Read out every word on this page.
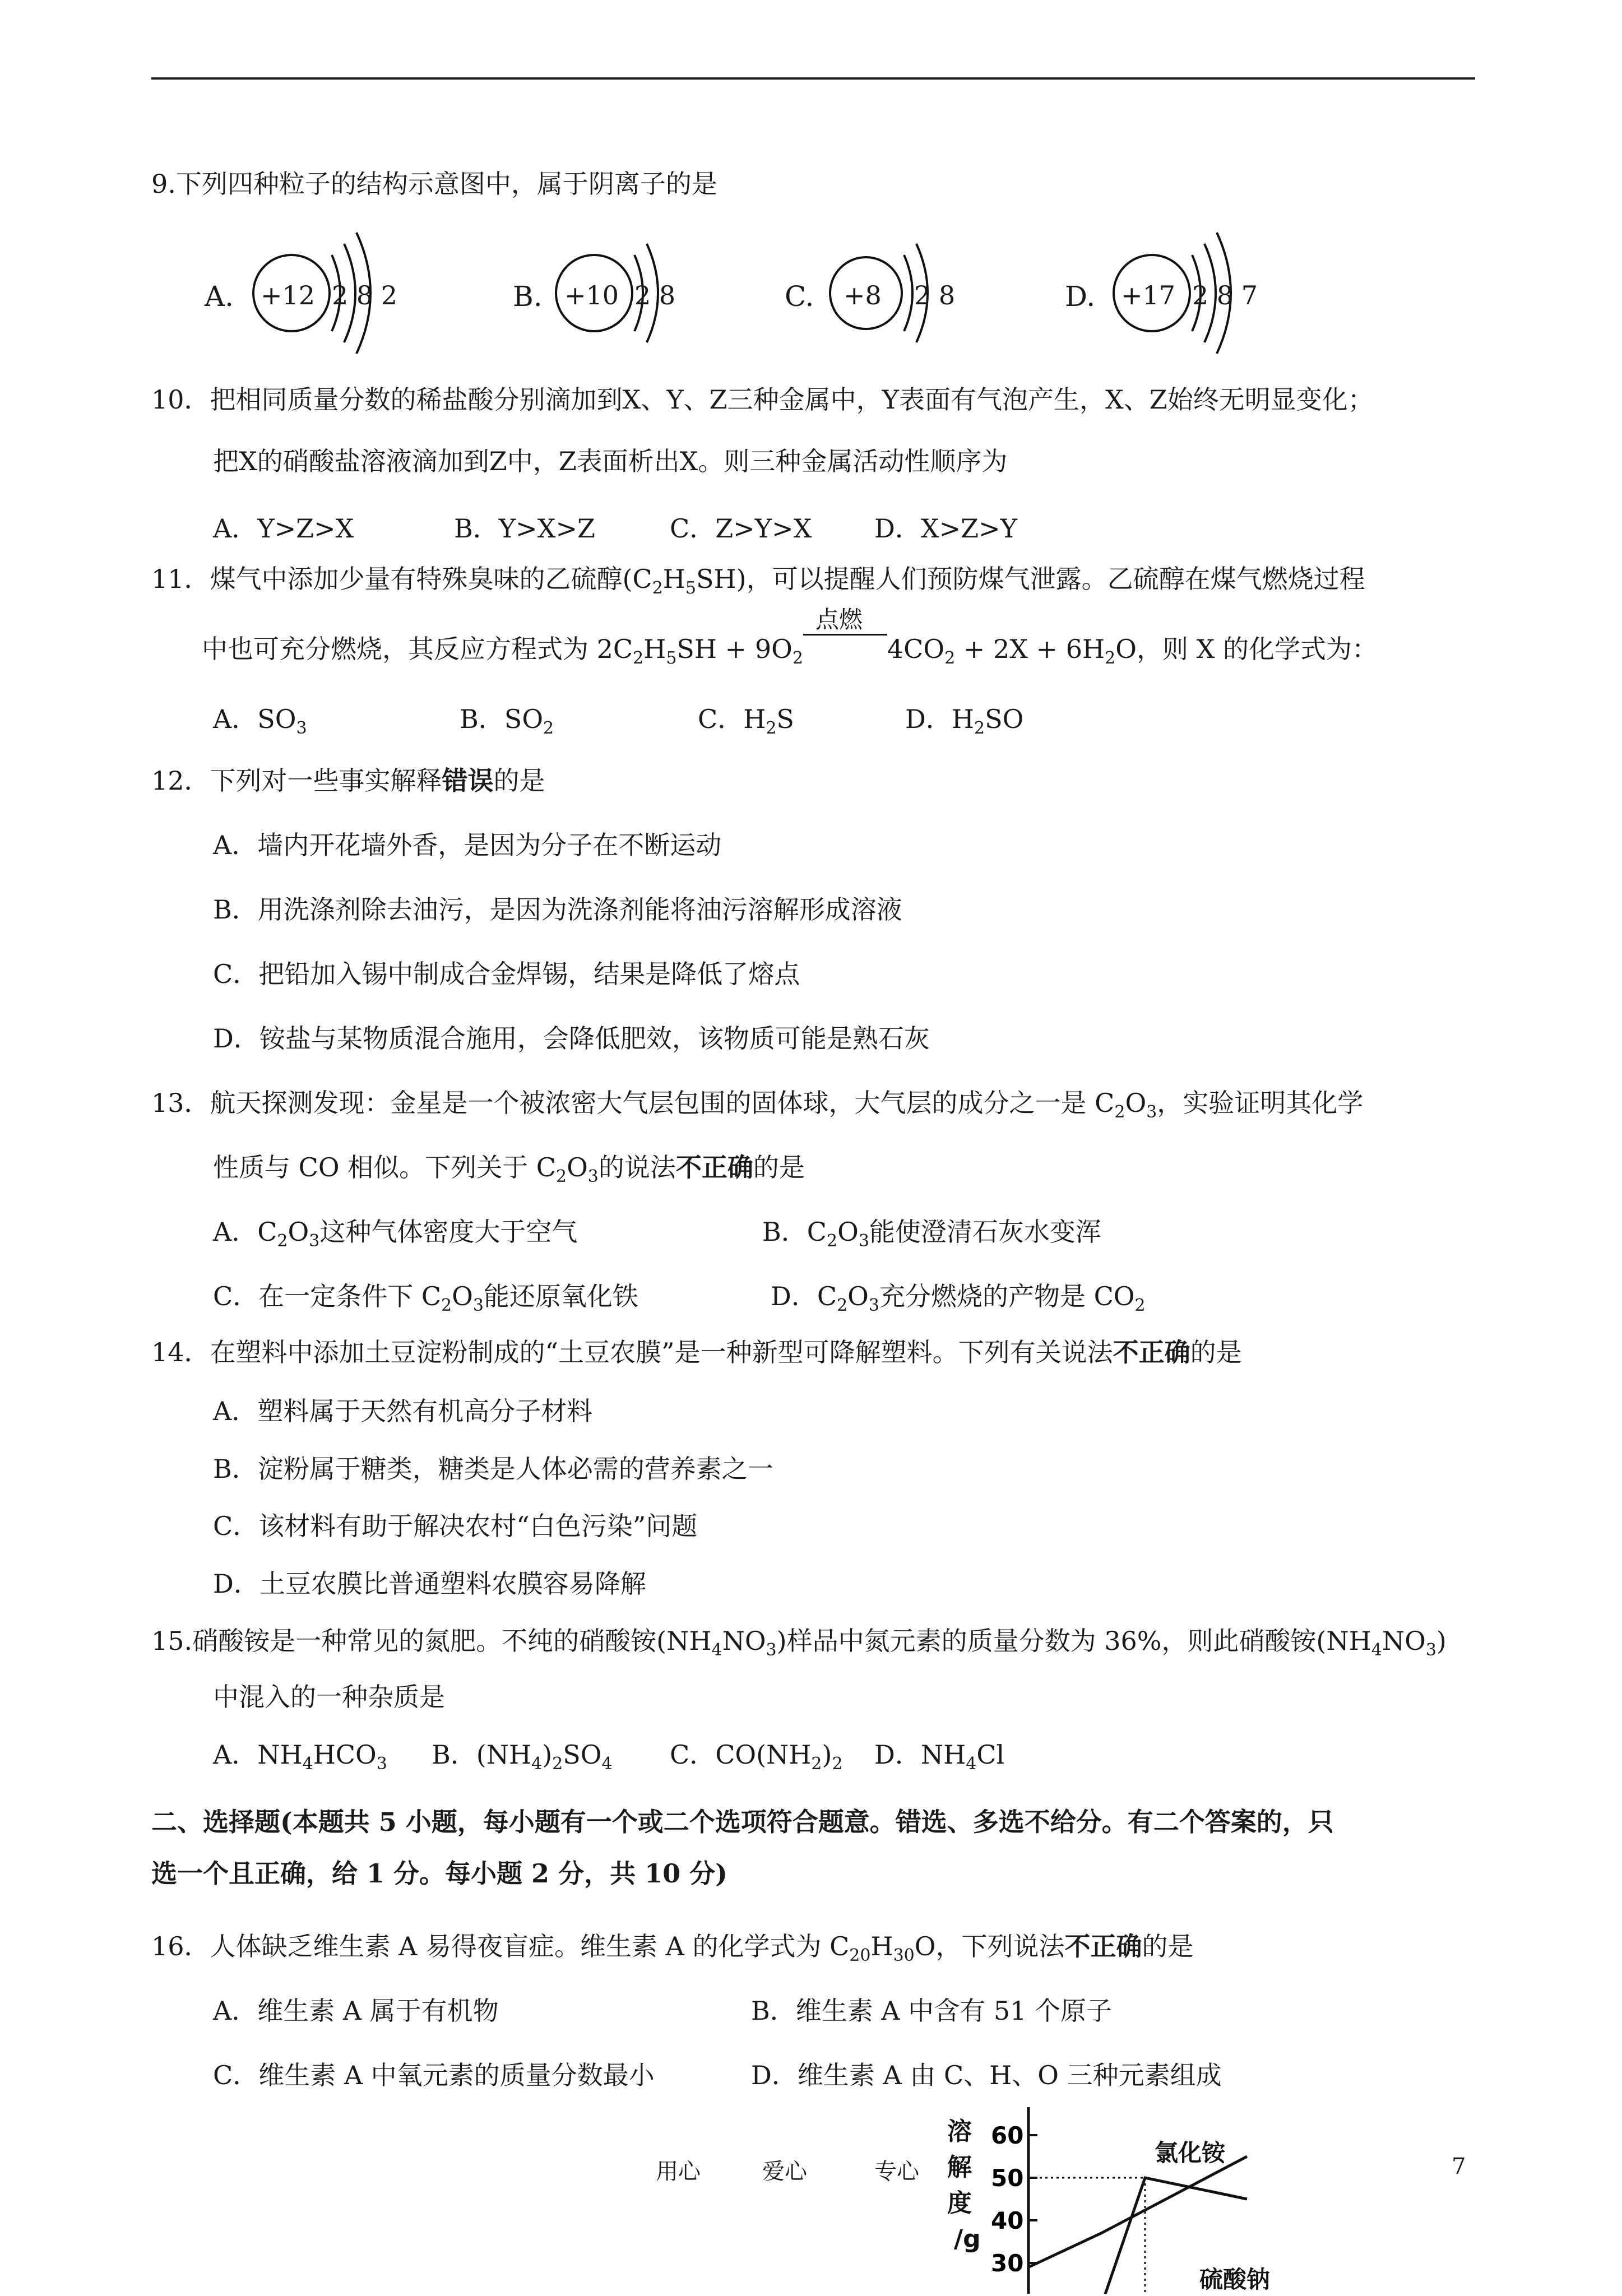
9.下列四种粒子的结构示意图中，属于阴离子的是
A. +12 2 8 2	B. +10 2 8	C. +8 2 8	D. +17 2 8 7
10．把相同质量分数的稀盐酸分别滴加到X、Y、Z三种金属中，Y表面有气泡产生，X、Z始终无明显变化；
把X的硝酸盐溶液滴加到Z中，Z表面析出X。则三种金属活动性顺序为
A．Y>Z>X	B．Y>X>Z	C．Z>Y>X D．X>Z>Y
11．煤气中添加少量有特殊臭味的乙硫醇$(C_2H_5SH)$，可以提醒人们预防煤气泄露。乙硫醇在煤气燃烧过程
中也可充分燃烧，其反应方程式为 $2C_2H_5SH + 9O_2$
点燃
$4CO_2 + 2X + 6H_2O$，则 X 的化学式为：
A．$SO_3$	B．$SO_2$	C．$H_2S$	D．$H_2SO$
12．下列对一些事实解释错误的是
A．墙内开花墙外香，是因为分子在不断运动
B．用洗涤剂除去油污，是因为洗涤剂能将油污溶解形成溶液
C．把铅加入锡中制成合金焊锡，结果是降低了熔点
D．铵盐与某物质混合施用，会降低肥效，该物质可能是熟石灰
13．航天探测发现：金星是一个被浓密大气层包围的固体球，大气层的成分之一是 $C_2O_3$，实验证明其化学
性质与 CO 相似。下列关于 $C_2O_3$的说法不正确的是
A．$C_2O_3$这种气体密度大于空气	B．$C_2O_3$能使澄清石灰水变浑
C．在一定条件下 $C_2O_3$能还原氧化铁	D．$C_2O_3$充分燃烧的产物是 $CO_2$
14．在塑料中添加土豆淀粉制成的“土豆农膜”是一种新型可降解塑料。下列有关说法不正确的是
A．塑料属于天然有机高分子材料
B．淀粉属于糖类，糖类是人体必需的营养素之一
C．该材料有助于解决农村“白色污染”问题
D．土豆农膜比普通塑料农膜容易降解
15.硝酸铵是一种常见的氮肥。不纯的硝酸铵$(NH_4NO_3)$样品中氮元素的质量分数为 36%，则此硝酸铵$(NH_4NO_3)$
中混入的一种杂质是
A．$NH_4HCO_3$ B．$(NH_4)_2SO_4$ C．$CO(NH_2)_2$ D．$NH_4Cl$
二、选择题(本题共 5 小题，每小题有一个或二个选项符合题意。错选、多选不给分。有二个答案的，只
选一个且正确，给 1 分。每小题 2 分，共 10 分)
16．人体缺乏维生素 A 易得夜盲症。维生素 A 的化学式为 $C_{20}H_{30}O$，下列说法不正确的是
A．维生素 A 属于有机物	B．维生素 A 中含有 51 个原子
C．维生素 A 中氧元素的质量分数最小	D．维生素 A 由 C、H、O 三种元素组成
用心	爱心	专心	7
溶
解
度
/g
60
50
40
30
氯化铵
硫酸钠
